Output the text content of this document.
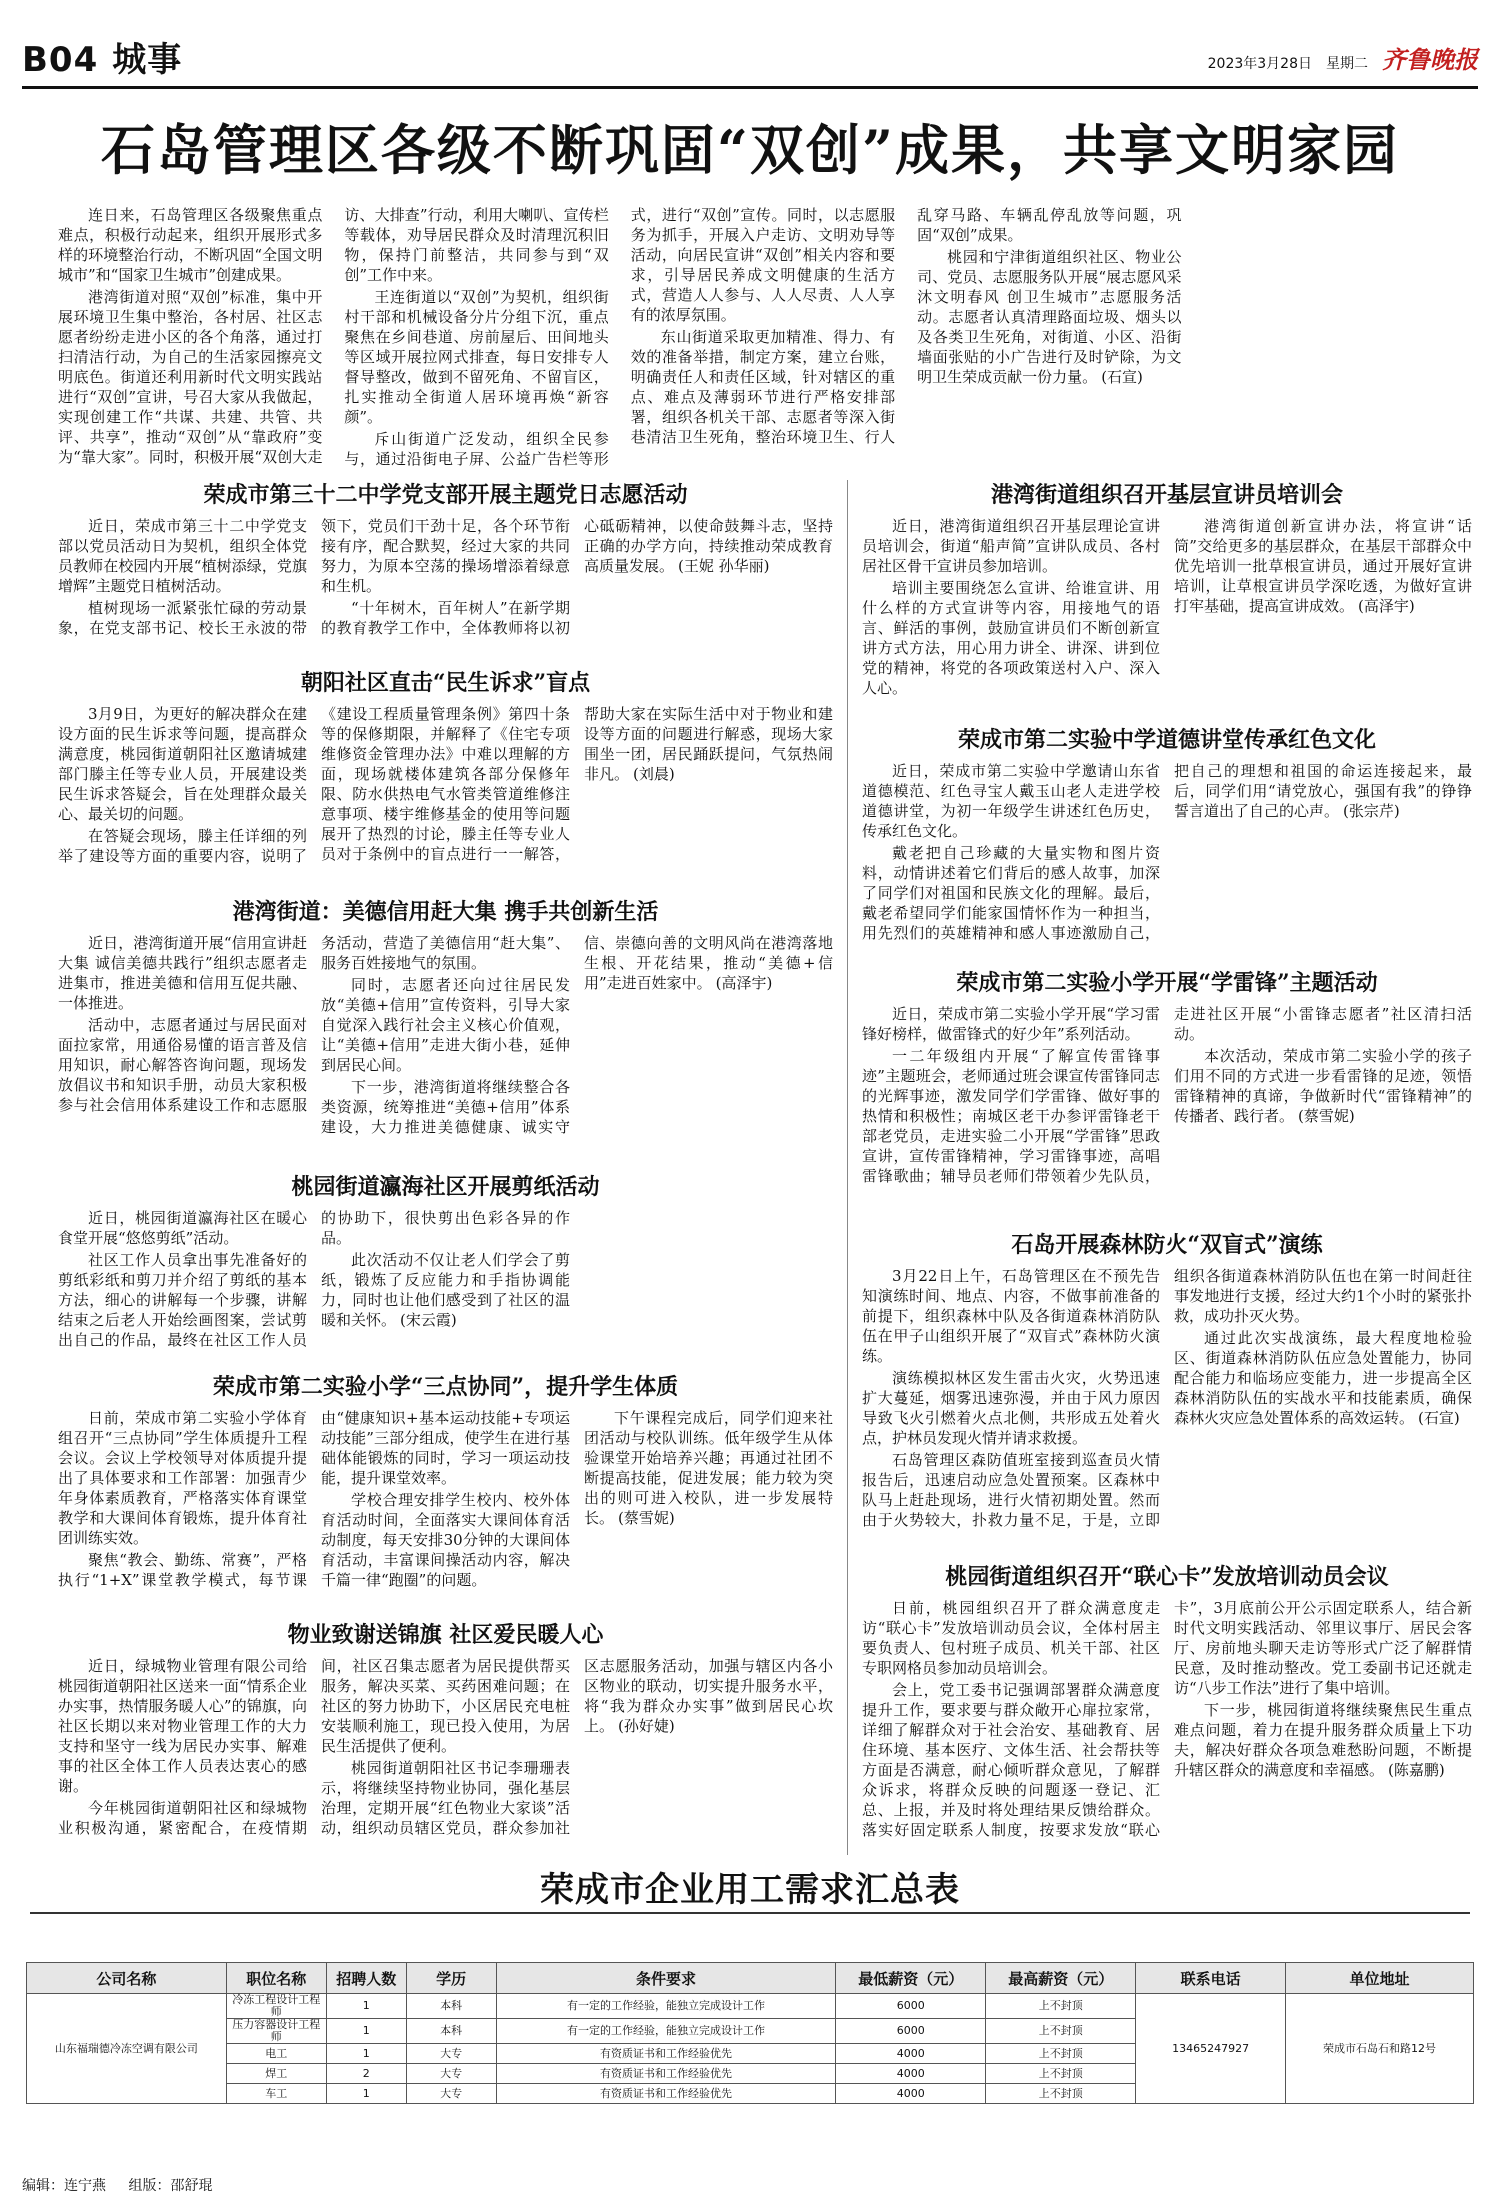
B04 城事	2023年3月28日 星期二 齐鲁晚报
石岛管理区各级不断巩固“双创”成果，共享文明家园

连日来，石岛管理区各级聚焦重点难点，积极行动起来，组织开展形式多样的环境整治行动，不断巩固“全国文明城市”和“国家卫生城市”创建成果。

港湾街道对照“双创”标准，集中开展环境卫生集中整治，各村居、社区志愿者纷纷走进小区的各个角落，通过打扫清洁行动，为自己的生活家园擦亮文明底色。街道还利用新时代文明实践站进行“双创”宣讲，号召大家从我做起，实现创建工作“共谋、共建、共管、共评、共享”，推动“双创”从“靠政府”变为“靠大家”。同时，积极开展“双创大走访、大排查”行动，利用大喇叭、宣传栏等载体，劝导居民群众及时清理沉积旧物，保持门前整洁，共同参与到“双创”工作中来。

王连街道以“双创”为契机，组织街村干部和机械设备分片分组下沉，重点聚焦在乡间巷道、房前屋后、田间地头等区域开展拉网式排查，每日安排专人督导整改，做到不留死角、不留盲区，扎实推动全街道人居环境再焕“新容颜”。

斥山街道广泛发动，组织全民参与，通过沿街电子屏、公益广告栏等形式，进行“双创”宣传。同时，以志愿服务为抓手，开展入户走访、文明劝导等活动，向居民宣讲“双创”相关内容和要求，引导居民养成文明健康的生活方式，营造人人参与、人人尽责、人人享有的浓厚氛围。

东山街道采取更加精准、得力、有效的准备举措，制定方案，建立台账，明确责任人和责任区域，针对辖区的重点、难点及薄弱环节进行严格安排部署，组织各机关干部、志愿者等深入街巷清洁卫生死角，整治环境卫生、行人乱穿马路、车辆乱停乱放等问题，巩固“双创”成果。

桃园和宁津街道组织社区、物业公司、党员、志愿服务队开展“展志愿风采 沐文明春风 创卫生城市”志愿服务活动。志愿者认真清理路面垃圾、烟头以及各类卫生死角，对街道、小区、沿街墙面张贴的小广告进行及时铲除，为文明卫生荣成贡献一份力量。 (石宣)

荣成市第三十二中学党支部开展主题党日志愿活动

近日，荣成市第三十二中学党支部以党员活动日为契机，组织全体党员教师在校园内开展“植树添绿，党旗增辉”主题党日植树活动。

植树现场一派紧张忙碌的劳动景象，在党支部书记、校长王永波的带领下，党员们干劲十足，各个环节衔接有序，配合默契，经过大家的共同努力，为原本空荡的操场增添着绿意和生机。

“十年树木，百年树人”在新学期的教育教学工作中，全体教师将以初心砥砺精神，以使命鼓舞斗志，坚持正确的办学方向，持续推动荣成教育高质量发展。 (王妮 孙华丽)

朝阳社区直击“民生诉求”盲点

3月9日，为更好的解决群众在建设方面的民生诉求等问题，提高群众满意度，桃园街道朝阳社区邀请城建部门滕主任等专业人员，开展建设类民生诉求答疑会，旨在处理群众最关心、最关切的问题。

在答疑会现场，滕主任详细的列举了建设等方面的重要内容，说明了《建设工程质量管理条例》第四十条等的保修期限，并解释了《住宅专项维修资金管理办法》中难以理解的方面，现场就楼体建筑各部分保修年限、防水供热电气水管类管道维修注意事项、楼宇维修基金的使用等问题展开了热烈的讨论，滕主任等专业人员对于条例中的盲点进行一一解答，帮助大家在实际生活中对于物业和建设等方面的问题进行解惑，现场大家围坐一团，居民踊跃提问，气氛热闹非凡。 (刘晨)

港湾街道：美德信用赶大集 携手共创新生活

近日，港湾街道开展“信用宣讲赶大集 诚信美德共践行”组织志愿者走进集市，推进美德和信用互促共融、一体推进。

活动中，志愿者通过与居民面对面拉家常，用通俗易懂的语言普及信用知识，耐心解答咨询问题，现场发放倡议书和知识手册，动员大家积极参与社会信用体系建设工作和志愿服务活动，营造了美德信用“赶大集”、服务百姓接地气的氛围。

同时，志愿者还向过往居民发放“美德+信用”宣传资料，引导大家自觉深入践行社会主义核心价值观，让“美德+信用”走进大街小巷，延伸到居民心间。

下一步，港湾街道将继续整合各类资源，统筹推进“美德+信用”体系建设，大力推进美德健康、诚实守信、崇德向善的文明风尚在港湾落地生根、开花结果，推动“美德+信用”走进百姓家中。 (高泽宇)

桃园街道瀛海社区开展剪纸活动

近日，桃园街道瀛海社区在暖心食堂开展“悠悠剪纸”活动。

社区工作人员拿出事先准备好的剪纸彩纸和剪刀并介绍了剪纸的基本方法，细心的讲解每一个步骤，讲解结束之后老人开始绘画图案，尝试剪出自己的作品，最终在社区工作人员的协助下，很快剪出色彩各异的作品。

此次活动不仅让老人们学会了剪纸，锻炼了反应能力和手指协调能力，同时也让他们感受到了社区的温暖和关怀。 (宋云霞)

荣成市第二实验小学“三点协同”，提升学生体质

日前，荣成市第二实验小学体育组召开“三点协同”学生体质提升工程会议。会议上学校领导对体质提升提出了具体要求和工作部署：加强青少年身体素质教育，严格落实体育课堂教学和大课间体育锻炼，提升体育社团训练实效。

聚焦“教会、勤练、常赛”，严格执行“1+X”课堂教学模式，每节课由“健康知识+基本运动技能+专项运动技能”三部分组成，使学生在进行基础体能锻炼的同时，学习一项运动技能，提升课堂效率。

学校合理安排学生校内、校外体育活动时间，全面落实大课间体育活动制度，每天安排30分钟的大课间体育活动，丰富课间操活动内容，解决千篇一律“跑圈”的问题。

下午课程完成后，同学们迎来社团活动与校队训练。低年级学生从体验课堂开始培养兴趣；再通过社团不断提高技能，促进发展；能力较为突出的则可进入校队，进一步发展特长。 (蔡雪妮)

物业致谢送锦旗 社区爱民暖人心

近日，绿城物业管理有限公司给桃园街道朝阳社区送来一面“情系企业办实事，热情服务暖人心”的锦旗，向社区长期以来对物业管理工作的大力支持和坚守一线为居民办实事、解难事的社区全体工作人员表达衷心的感谢。

今年桃园街道朝阳社区和绿城物业积极沟通，紧密配合，在疫情期间，社区召集志愿者为居民提供帮买服务，解决买菜、买药困难问题；在社区的努力协助下，小区居民充电桩安装顺利施工，现已投入使用，为居民生活提供了便利。

桃园街道朝阳社区书记李珊珊表示，将继续坚持物业协同，强化基层治理，定期开展“红色物业大家谈”活动，组织动员辖区党员，群众参加社区志愿服务活动，加强与辖区内各小区物业的联动，切实提升服务水平，将“我为群众办实事”做到居民心坎上。 (孙好婕)

港湾街道组织召开基层宣讲员培训会

近日，港湾街道组织召开基层理论宣讲员培训会，街道“船声简”宣讲队成员、各村居社区骨干宣讲员参加培训。

培训主要围绕怎么宣讲、给谁宣讲、用什么样的方式宣讲等内容，用接地气的语言、鲜活的事例，鼓励宣讲员们不断创新宣讲方式方法，用心用力讲全、讲深、讲到位党的精神，将党的各项政策送村入户、深入人心。

港湾街道创新宣讲办法，将宣讲“话筒”交给更多的基层群众，在基层干部群众中优先培训一批草根宣讲员，通过开展好宣讲培训，让草根宣讲员学深吃透，为做好宣讲打牢基础，提高宣讲成效。 (高泽宇)

荣成市第二实验中学道德讲堂传承红色文化

近日，荣成市第二实验中学邀请山东省道德模范、红色寻宝人戴玉山老人走进学校道德讲堂，为初一年级学生讲述红色历史，传承红色文化。

戴老把自己珍藏的大量实物和图片资料，动情讲述着它们背后的感人故事，加深了同学们对祖国和民族文化的理解。最后，戴老希望同学们能家国情怀作为一种担当，用先烈们的英雄精神和感人事迹激励自己，把自己的理想和祖国的命运连接起来，最后，同学们用“请党放心，强国有我”的铮铮誓言道出了自己的心声。 (张宗芹)

荣成市第二实验小学开展“学雷锋”主题活动

近日，荣成市第二实验小学开展“学习雷锋好榜样，做雷锋式的好少年”系列活动。

一二年级组内开展“了解宣传雷锋事迹”主题班会，老师通过班会课宣传雷锋同志的光辉事迹，激发同学们学雷锋、做好事的热情和积极性；南城区老干办参评雷锋老干部老党员，走进实验二小开展“学雷锋”思政宣讲，宣传雷锋精神，学习雷锋事迹，高唱雷锋歌曲；辅导员老师们带领着少先队员，走进社区开展“小雷锋志愿者”社区清扫活动。

本次活动，荣成市第二实验小学的孩子们用不同的方式进一步看雷锋的足迹，领悟雷锋精神的真谛，争做新时代“雷锋精神”的传播者、践行者。 (蔡雪妮)

石岛开展森林防火“双盲式”演练

3月22日上午，石岛管理区在不预先告知演练时间、地点、内容，不做事前准备的前提下，组织森林中队及各街道森林消防队伍在甲子山组织开展了“双盲式”森林防火演练。

演练模拟林区发生雷击火灾，火势迅速扩大蔓延，烟雾迅速弥漫，并由于风力原因导致飞火引燃着火点北侧，共形成五处着火点，护林员发现火情并请求救援。

石岛管理区森防值班室接到巡查员火情报告后，迅速启动应急处置预案。区森林中队马上赶赴现场，进行火情初期处置。然而由于火势较大，扑救力量不足，于是，立即组织各街道森林消防队伍也在第一时间赶往事发地进行支援，经过大约1个小时的紧张扑救，成功扑灭火势。

通过此次实战演练，最大程度地检验区、街道森林消防队伍应急处置能力，协同配合能力和临场应变能力，进一步提高全区森林消防队伍的实战水平和技能素质，确保森林火灾应急处置体系的高效运转。 (石宣)

桃园街道组织召开“联心卡”发放培训动员会议

日前，桃园组织召开了群众满意度走访“联心卡”发放培训动员会议，全体村居主要负责人、包村班子成员、机关干部、社区专职网格员参加动员培训会。

会上，党工委书记强调部署群众满意度提升工作，要求要与群众敞开心扉拉家常，详细了解群众对于社会治安、基础教育、居住环境、基本医疗、文体生活、社会帮扶等方面是否满意，耐心倾听群众意见，了解群众诉求，将群众反映的问题逐一登记、汇总、上报，并及时将处理结果反馈给群众。落实好固定联系人制度，按要求发放“联心卡”，3月底前公开公示固定联系人，结合新时代文明实践活动、邻里议事厅、居民会客厅、房前地头聊天走访等形式广泛了解群情民意，及时推动整改。党工委副书记还就走访“八步工作法”进行了集中培训。

下一步，桃园街道将继续聚焦民生重点难点问题，着力在提升服务群众质量上下功夫，解决好群众各项急难愁盼问题，不断提升辖区群众的满意度和幸福感。 (陈嘉鹏)

荣成市企业用工需求汇总表
公司名称	职位名称	招聘人数	学历	条件要求	最低薪资（元）	最高薪资（元）	联系电话	单位地址
山东福瑞德冷冻空调有限公司	冷冻工程设计工程师	1	本科	有一定的工作经验，能独立完成设计工作	6000	上不封顶	13465247927	荣成市石岛石和路12号
	压力容器设计工程师	1	本科	有一定的工作经验，能独立完成设计工作	6000	上不封顶		
	电工	1	大专	有资质证书和工作经验优先	4000	上不封顶		
	焊工	2	大专	有资质证书和工作经验优先	4000	上不封顶		
	车工	1	大专	有资质证书和工作经验优先	4000	上不封顶		
编辑：连宁燕 组版：邵舒琨
